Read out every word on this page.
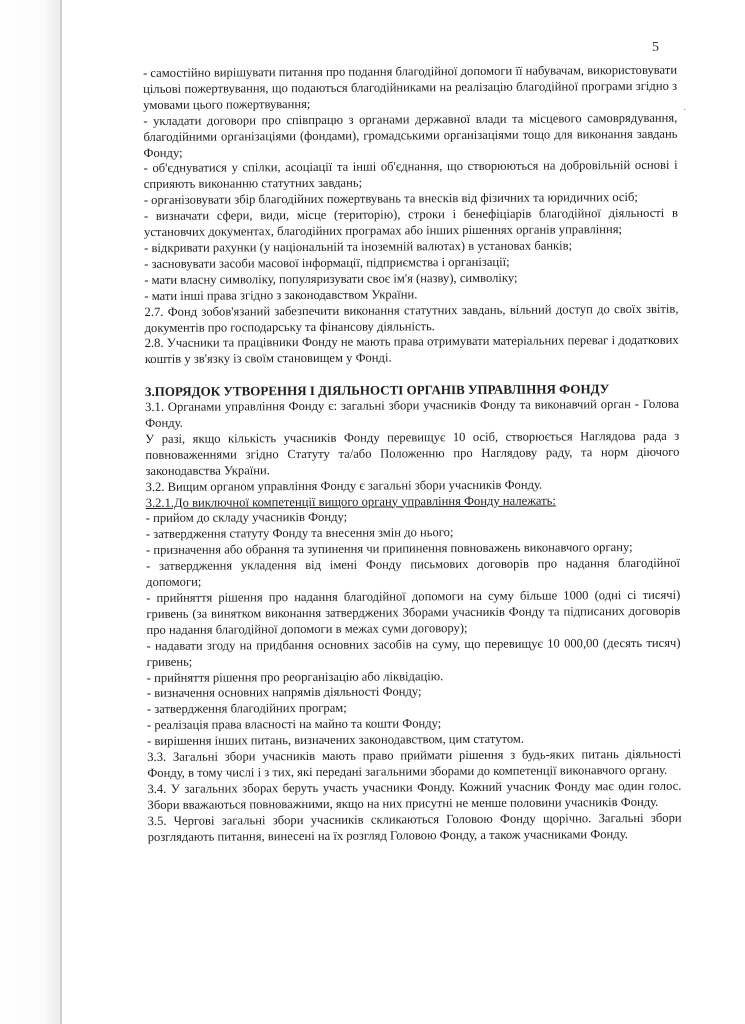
·
5

- самостійно вирішувати питання про подання благодійної допомоги її набувачам, використовувати цільові пожертвування, що подаються благодійниками на реалізацію благодійної програми згідно з умовами цього пожертвування;

- укладати договори про співпрацю з органами державної влади та місцевого самоврядування, благодійними організаціями (фондами), громадськими організаціями тощо для виконання завдань Фонду;

- об'єднуватися у спілки, асоціації та інші об'єднання, що створюються на добровільній основі і сприяють виконанню статутних завдань;

- організовувати збір благодійних пожертвувань та внесків від фізичних та юридичних осіб;

- визначати сфери, види, місце (територію), строки і бенефіціарів благодійної діяльності в установчих документах, благодійних програмах або інших рішеннях органів управління;

- відкривати рахунки (у національній та іноземній валютах) в установах банків;

- засновувати засоби масової інформації, підприємства і організації;

- мати власну символіку, популяризувати своє ім'я (назву), символіку;

- мати інші права згідно з законодавством України.

2.7. Фонд зобов'язаний забезпечити виконання статутних завдань, вільний доступ до своїх звітів, документів про господарську та фінансову діяльність.

2.8. Учасники та працівники Фонду не мають права отримувати матеріальних переваг і додаткових коштів у зв'язку із своїм становищем у Фонді.

3.ПОРЯДОК УТВОРЕННЯ І ДІЯЛЬНОСТІ ОРГАНІВ УПРАВЛІННЯ ФОНДУ

3.1. Органами управління Фонду є: загальні збори учасників Фонду та виконавчий орган - Голова Фонду.

У разі, якщо кількість учасників Фонду перевищує 10 осіб, створюється Наглядова рада з повноваженнями згідно Статуту та/або Положенню про Наглядову раду, та норм діючого законодавства України.

3.2. Вищим органом управління Фонду є загальні збори учасників Фонду.

3.2.1.До виключної компетенції вищого органу управління Фонду належать:

- прийом до складу учасників Фонду;

- затвердження статуту Фонду та внесення змін до нього;

- призначення або обрання та зупинення чи припинення повноважень виконавчого органу;

- затвердження укладення від імені Фонду письмових договорів про надання благодійної допомоги;

- прийняття рішення про надання благодійної допомоги на суму більше 1000 (одні сі тисячі) гривень (за винятком виконання затверджених Зборами учасників Фонду та підписаних договорів про надання благодійної допомоги в межах суми договору);

- надавати згоду на придбання основних засобів на суму, що перевищує 10 000,00 (десять тисяч) гривень;

- прийняття рішення про реорганізацію або ліквідацію.

- визначення основних напрямів діяльності Фонду;

- затвердження благодійних програм;

- реалізація права власності на майно та кошти Фонду;

- вирішення інших питань, визначених законодавством, цим статутом.

3.3. Загальні збори учасників мають право приймати рішення з будь-яких питань діяльності Фонду, в тому числі і з тих, які передані загальними зборами до компетенції виконавчого органу.

3.4. У загальних зборах беруть участь учасники Фонду. Кожний учасник Фонду має один голос. Збори вважаються повноважними, якщо на них присутні не менше половини учасників Фонду.

3.5. Чергові загальні збори учасників скликаються Головою Фонду щорічно. Загальні збори розглядають питання, винесені на їх розгляд Головою Фонду, а також учасниками Фонду.
